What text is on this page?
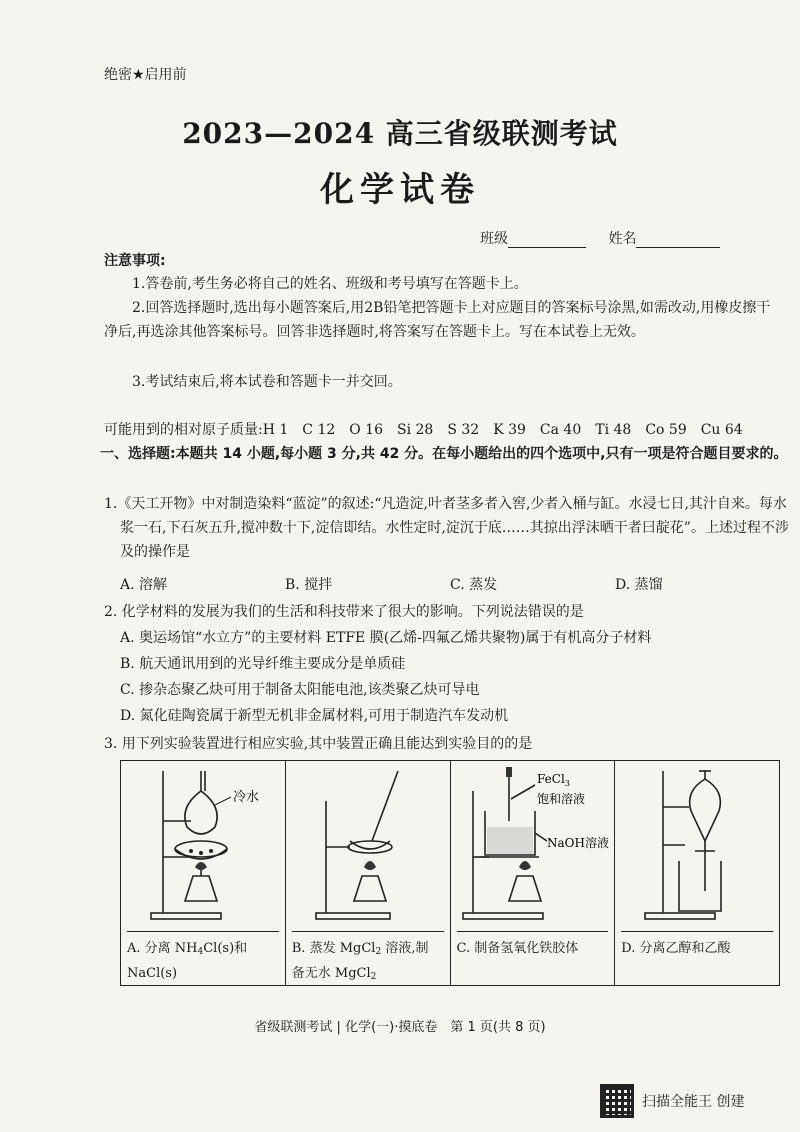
绝密★启用前
2023—2024 高三省级联测考试
化学试卷
班级	姓名
注意事项:
1.答卷前,考生务必将自己的姓名、班级和考号填写在答题卡上。
2.回答选择题时,选出每小题答案后,用2B铅笔把答题卡上对应题目的答案标号涂黑,如需改动,用橡皮擦干净后,再选涂其他答案标号。回答非选择题时,将答案写在答题卡上。写在本试卷上无效。
3.考试结束后,将本试卷和答题卡一并交回。
可能用到的相对原子质量:H 1　C 12　O 16　Si 28　S 32　K 39　Ca 40　Ti 48　Co 59　Cu 64
一、选择题:本题共 14 小题,每小题 3 分,共 42 分。在每小题给出的四个选项中,只有一项是符合题目要求的。
1.《天工开物》中对制造染料“蓝淀”的叙述:“凡造淀,叶者茎多者入窖,少者入桶与缸。水浸七日,其汁自来。每水浆一石,下石灰五升,搅冲数十下,淀信即结。水性定时,淀沉于底……其掠出浮沫晒干者曰靛花”。上述过程不涉及的操作是
A. 溶解	B. 搅拌	C. 蒸发	D. 蒸馏
2. 化学材料的发展为我们的生活和科技带来了很大的影响。下列说法错误的是
A. 奥运场馆“水立方”的主要材料 ETFE 膜(乙烯-四氟乙烯共聚物)属于有机高分子材料
B. 航天通讯用到的光导纤维主要成分是单质硅
C. 掺杂态聚乙炔可用于制备太阳能电池,该类聚乙炔可导电
D. 氮化硅陶瓷属于新型无机非金属材料,可用于制造汽车发动机
3. 用下列实验装置进行相应实验,其中装置正确且能达到实验目的的是
冷水
A. 分离 $NH_4Cl(s)$和
NaCl(s)
B. 蒸发 MgCl$_2$ 溶液,制
备无水 MgCl$_2$
FeCl$_3$
饱和溶液
NaOH溶液
C. 制备氢氧化铁胶体	D. 分离乙醇和乙酸
省级联测考试 | 化学(一)·摸底卷　第 1 页(共 8 页)
扫描全能王 创建
